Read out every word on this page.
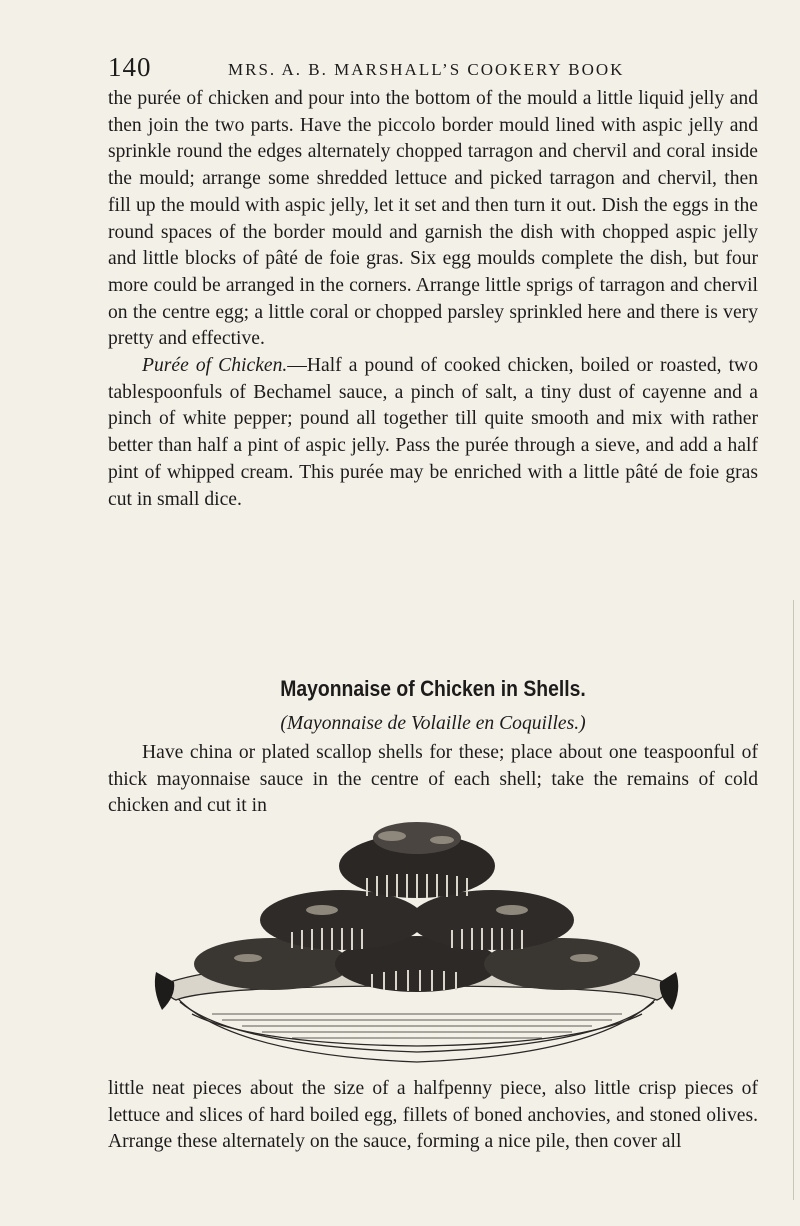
140	MRS. A. B. MARSHALL’S COOKERY BOOK

the purée of chicken and pour into the bottom of the mould a little liquid jelly and then join the two parts. Have the piccolo border mould lined with aspic jelly and sprinkle round the edges alternately chopped tarragon and chervil and coral inside the mould; arrange some shredded lettuce and picked tarragon and chervil, then fill up the mould with aspic jelly, let it set and then turn it out. Dish the eggs in the round spaces of the border mould and garnish the dish with chopped aspic jelly and little blocks of pâté de foie gras. Six egg moulds complete the dish, but four more could be arranged in the corners. Arrange little sprigs of tarragon and chervil on the centre egg; a little coral or chopped parsley sprinkled here and there is very pretty and effective.

Purée of Chicken.—Half a pound of cooked chicken, boiled or roasted, two tablespoonfuls of Bechamel sauce, a pinch of salt, a tiny dust of cayenne and a pinch of white pepper; pound all together till quite smooth and mix with rather better than half a pint of aspic jelly. Pass the purée through a sieve, and add a half pint of whipped cream. This purée may be enriched with a little pâté de foie gras cut in small dice.

Mayonnaise of Chicken in Shells.
(Mayonnaise de Volaille en Coquilles.)

Have china or plated scallop shells for these; place about one teaspoonful of thick mayonnaise sauce in the centre of each shell; take the remains of cold chicken and cut it in

little neat pieces about the size of a halfpenny piece, also little crisp pieces of lettuce and slices of hard boiled egg, fillets of boned anchovies, and stoned olives. Arrange these alternately on the sauce, forming a nice pile, then cover all
